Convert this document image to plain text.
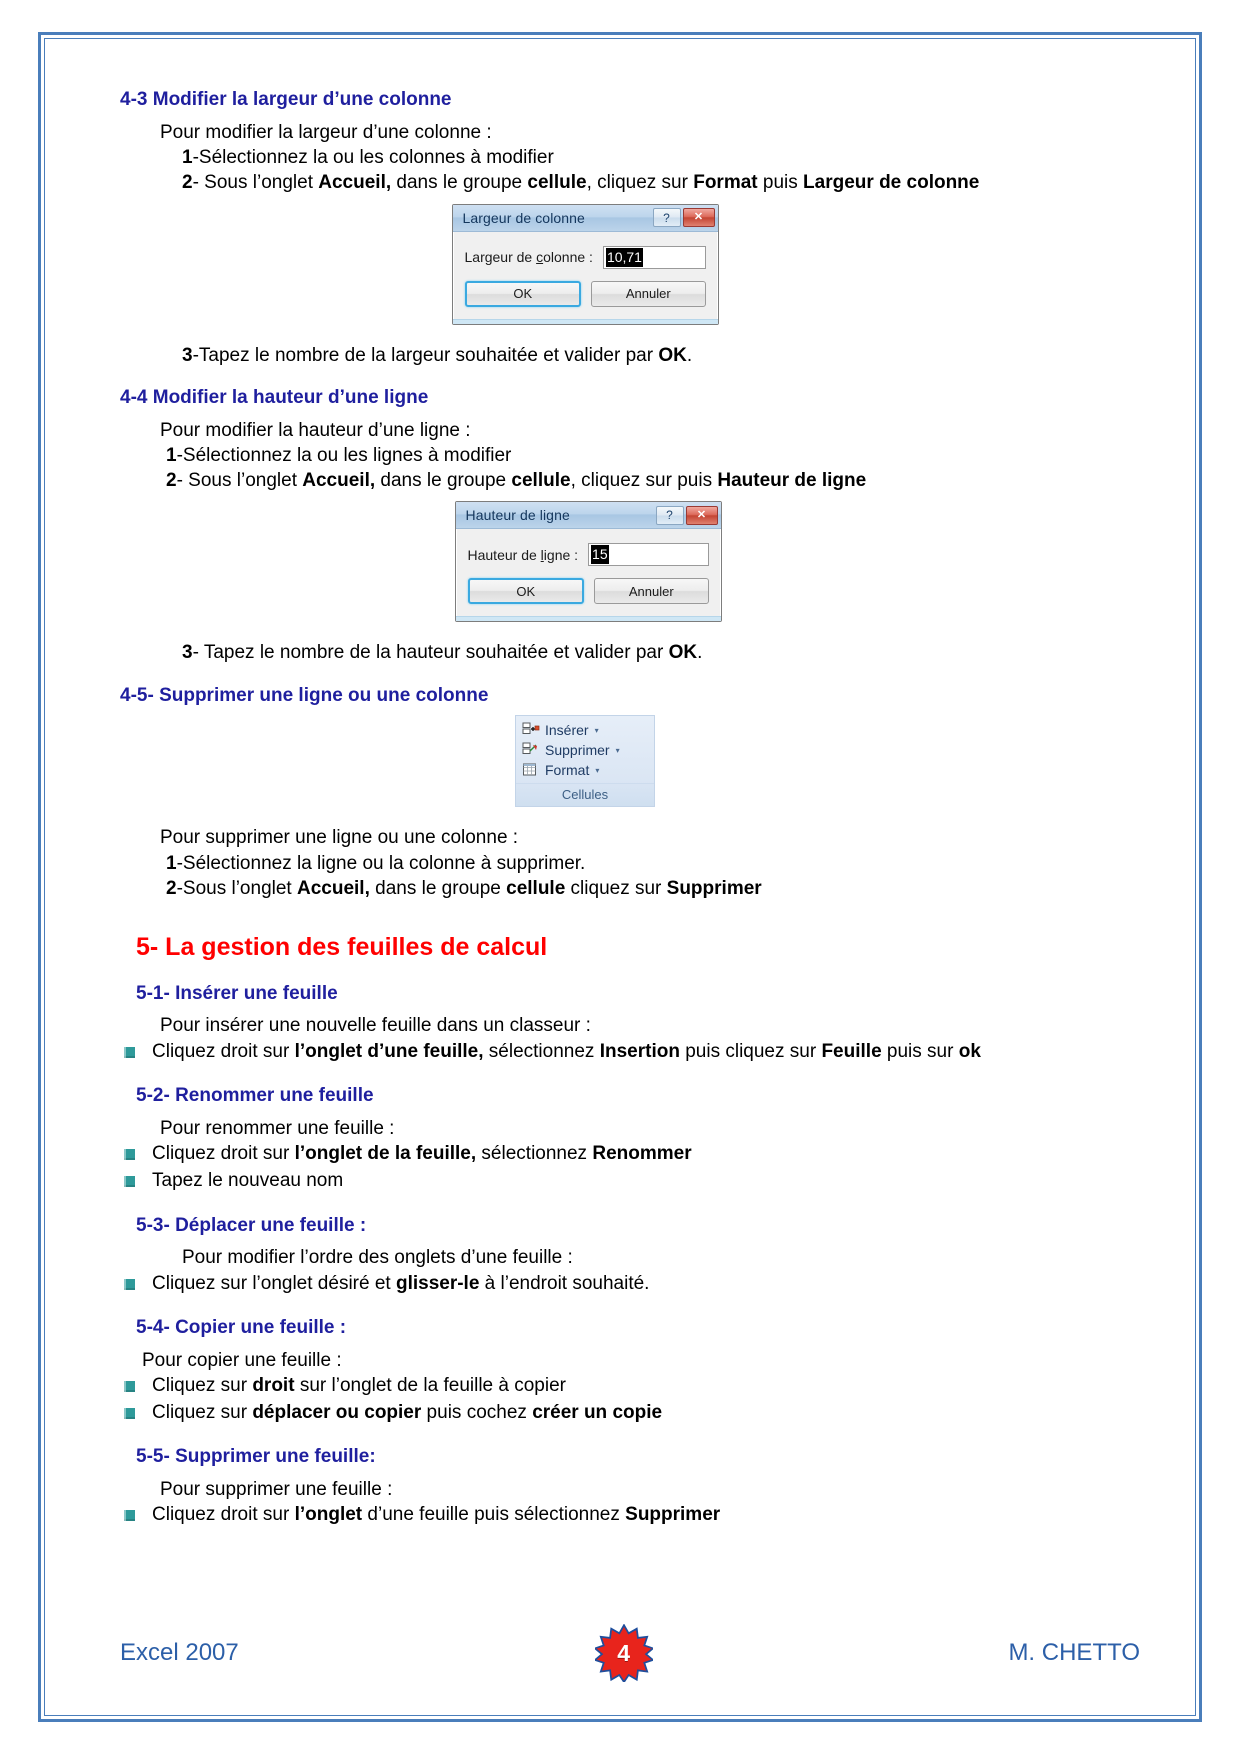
4-3 Modifier la largeur d’une colonne

Pour modifier la largeur d’une colonne :

1-Sélectionnez la ou les colonnes à modifier

2- Sous l’onglet Accueil, dans le groupe cellule, cliquez sur Format puis Largeur de colonne

Largeur de colonne	?	✕
Largeur de colonne : 10,71
OK	Annuler

3-Tapez le nombre de la largeur souhaitée et valider par OK.

4-4 Modifier la hauteur d’une ligne

Pour modifier la hauteur d’une ligne :

1-Sélectionnez la ou les lignes à modifier

2- Sous l’onglet Accueil, dans le groupe cellule, cliquez sur puis Hauteur de ligne

Hauteur de ligne	?	✕
Hauteur de ligne : 15
OK	Annuler

3- Tapez le nombre de la hauteur souhaitée et valider par OK.

4-5- Supprimer une ligne ou une colonne
Insérer ▾
Supprimer ▾
Format ▾
Cellules

Pour supprimer une ligne ou une colonne :

1-Sélectionnez la ligne ou la colonne à supprimer.

2-Sous l’onglet Accueil, dans le groupe cellule cliquez sur Supprimer

5- La gestion des feuilles de calcul
5-1- Insérer une feuille

Pour insérer une nouvelle feuille dans un classeur :

Cliquez droit sur l’onglet d’une feuille, sélectionnez Insertion puis cliquez sur Feuille puis sur ok
5-2- Renommer une feuille

Pour renommer une feuille :

Cliquez droit sur l’onglet de la feuille, sélectionnez Renommer
Tapez le nouveau nom
5-3- Déplacer une feuille :

Pour modifier l’ordre des onglets d’une feuille :

Cliquez sur l’onglet désiré et glisser-le à l’endroit souhaité.
5-4- Copier une feuille :

Pour copier une feuille :

Cliquez sur droit sur l’onglet de la feuille à copier
Cliquez sur déplacer ou copier puis cochez créer un copie
5-5- Supprimer une feuille:

Pour supprimer une feuille :

Cliquez droit sur l’onglet d’une feuille puis sélectionnez Supprimer
Excel 2007	4	M. CHETTO
